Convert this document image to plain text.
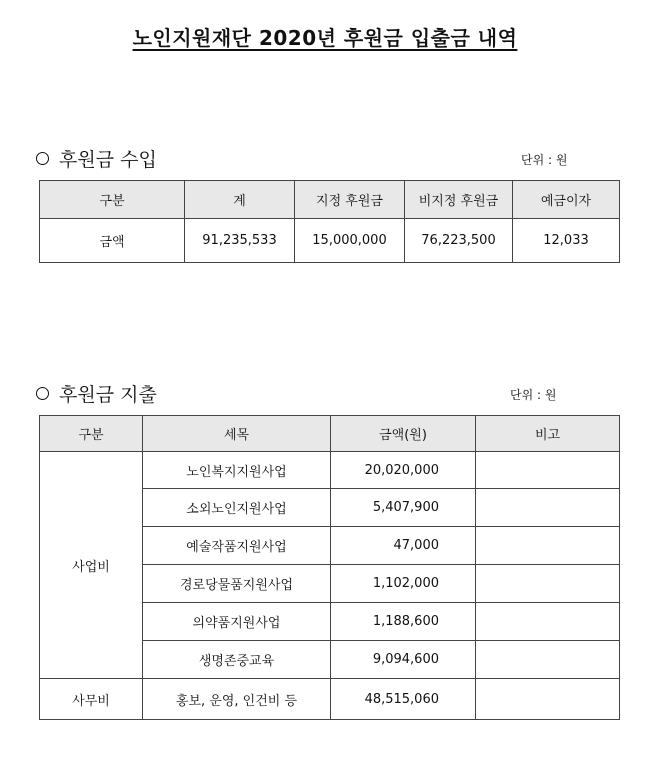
노인지원재단 2020년 후원금 입출금 내역
후원금 수입	단위 : 원
구분	계	지정 후원금	비지정 후원금	예금이자
금액	91,235,533	15,000,000	76,223,500	12,033
후원금 지출	단위 : 원
구분	세목	금액(원)	비고
사업비	노인복지지원사업	20,020,000	
	소외노인지원사업	5,407,900	
	예술작품지원사업	47,000	
	경로당물품지원사업	1,102,000	
	의약품지원사업	1,188,600	
	생명존중교육	9,094,600	
사무비	홍보, 운영, 인건비 등	48,515,060	
